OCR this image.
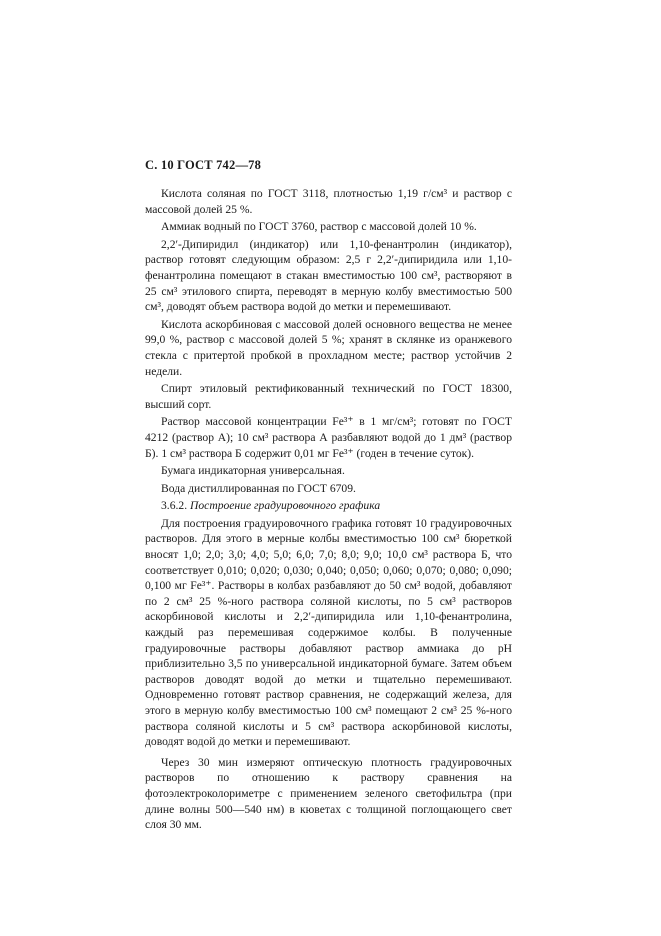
С. 10 ГОСТ 742—78

Кислота соляная по ГОСТ 3118, плотностью 1,19 г/см³ и раствор с массовой долей 25 %.

Аммиак водный по ГОСТ 3760, раствор с массовой долей 10 %.

2,2′-Дипиридил (индикатор) или 1,10-фенантролин (индикатор), раствор готовят следующим образом: 2,5 г 2,2′-дипиридила или 1,10-фенантролина помещают в стакан вместимостью 100 см³, растворяют в 25 см³ этилового спирта, переводят в мерную колбу вместимостью 500 см³, доводят объем раствора водой до метки и перемешивают.

Кислота аскорбиновая с массовой долей основного вещества не менее 99,0 %, раствор с массовой долей 5 %; хранят в склянке из оранжевого стекла с притертой пробкой в прохладном месте; раствор устойчив 2 недели.

Спирт этиловый ректификованный технический по ГОСТ 18300, высший сорт.

Раствор массовой концентрации Fe³⁺ в 1 мг/см³; готовят по ГОСТ 4212 (раствор А); 10 см³ раствора А разбавляют водой до 1 дм³ (раствор Б). 1 см³ раствора Б содержит 0,01 мг Fe³⁺ (годен в течение суток).

Бумага индикаторная универсальная.

Вода дистиллированная по ГОСТ 6709.

3.6.2. Построение градуировочного графика

Для построения градуировочного графика готовят 10 градуировочных растворов. Для этого в мерные колбы вместимостью 100 см³ бюреткой вносят 1,0; 2,0; 3,0; 4,0; 5,0; 6,0; 7,0; 8,0; 9,0; 10,0 см³ раствора Б, что соответствует 0,010; 0,020; 0,030; 0,040; 0,050; 0,060; 0,070; 0,080; 0,090; 0,100 мг Fe³⁺. Растворы в колбах разбавляют до 50 см³ водой, добавляют по 2 см³ 25 %-ного раствора соляной кислоты, по 5 см³ растворов аскорбиновой кислоты и 2,2′-дипиридила или 1,10-фенантролина, каждый раз перемешивая содержимое колбы. В полученные градуировочные растворы добавляют раствор аммиака до рН приблизительно 3,5 по универсальной индикаторной бумаге. Затем объем растворов доводят водой до метки и тщательно перемешивают. Одновременно готовят раствор сравнения, не содержащий железа, для этого в мерную колбу вместимостью 100 см³ помещают 2 см³ 25 %-ного раствора соляной кислоты и 5 см³ раствора аскорбиновой кислоты, доводят водой до метки и перемешивают.

Через 30 мин измеряют оптическую плотность градуировочных растворов по отношению к раствору сравнения на фотоэлектроколориметре с применением зеленого светофильтра (при длине волны 500—540 нм) в кюветах с толщиной поглощающего свет слоя 30 мм.
